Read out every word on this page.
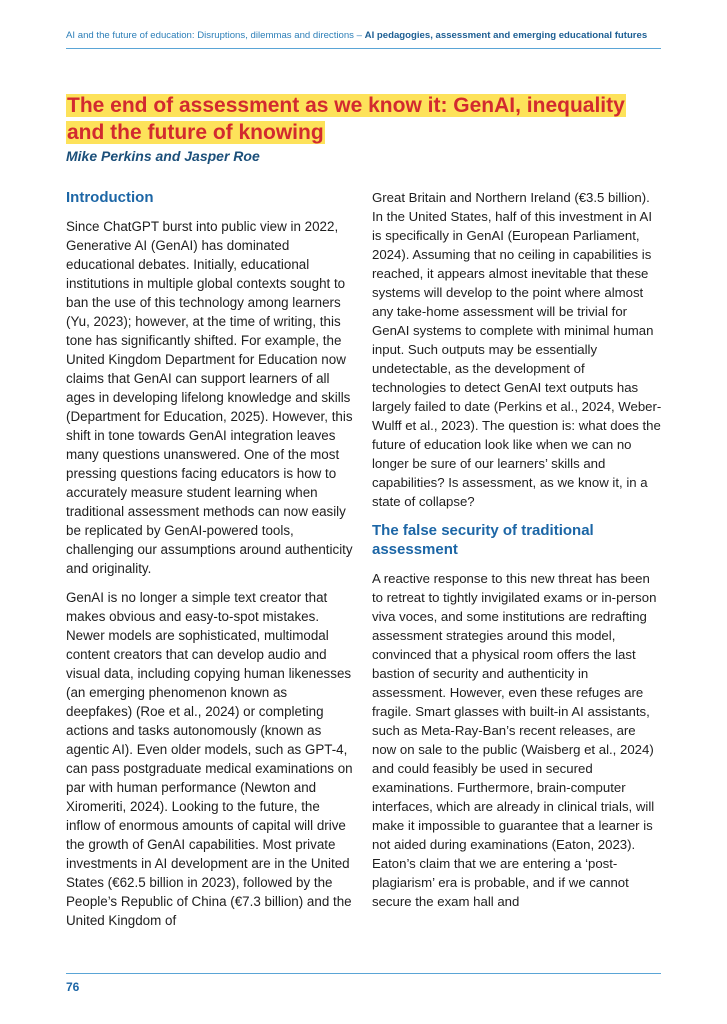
AI and the future of education: Disruptions, dilemmas and directions – AI pedagogies, assessment and emerging educational futures
The end of assessment as we know it: GenAI, inequality and the future of knowing
Mike Perkins and Jasper Roe
Introduction

Since ChatGPT burst into public view in 2022, Generative AI (GenAI) has dominated educational debates. Initially, educational institutions in multiple global contexts sought to ban the use of this technology among learners (Yu, 2023); however, at the time of writing, this tone has significantly shifted. For example, the United Kingdom Department for Education now claims that GenAI can support learners of all ages in developing lifelong knowledge and skills (Department for Education, 2025). However, this shift in tone towards GenAI integration leaves many questions unanswered. One of the most pressing questions facing educators is how to accurately measure student learning when traditional assessment methods can now easily be replicated by GenAI-powered tools, challenging our assumptions around authenticity and originality.

GenAI is no longer a simple text creator that makes obvious and easy-to-spot mistakes. Newer models are sophisticated, multimodal content creators that can develop audio and visual data, including copying human likenesses (an emerging phenomenon known as deepfakes) (Roe et al., 2024) or completing actions and tasks autonomously (known as agentic AI). Even older models, such as GPT-4, can pass postgraduate medical examinations on par with human performance (Newton and Xiromeriti, 2024). Looking to the future, the inflow of enormous amounts of capital will drive the growth of GenAI capabilities. Most private investments in AI development are in the United States (€62.5 billion in 2023), followed by the People’s Republic of China (€7.3 billion) and the United Kingdom of

Great Britain and Northern Ireland (€3.5 billion). In the United States, half of this investment in AI is specifically in GenAI (European Parliament, 2024). Assuming that no ceiling in capabilities is reached, it appears almost inevitable that these systems will develop to the point where almost any take-home assessment will be trivial for GenAI systems to complete with minimal human input. Such outputs may be essentially undetectable, as the development of technologies to detect GenAI text outputs has largely failed to date (Perkins et al., 2024, Weber-Wulff et al., 2023). The question is: what does the future of education look like when we can no longer be sure of our learners’ skills and capabilities? Is assessment, as we know it, in a state of collapse?

The false security of traditional assessment

A reactive response to this new threat has been to retreat to tightly invigilated exams or in-person viva voces, and some institutions are redrafting assessment strategies around this model, convinced that a physical room offers the last bastion of security and authenticity in assessment. However, even these refuges are fragile. Smart glasses with built-in AI assistants, such as Meta-Ray-Ban’s recent releases, are now on sale to the public (Waisberg et al., 2024) and could feasibly be used in secured examinations. Furthermore, brain-computer interfaces, which are already in clinical trials, will make it impossible to guarantee that a learner is not aided during examinations (Eaton, 2023). Eaton’s claim that we are entering a ‘post-plagiarism’ era is probable, and if we cannot secure the exam hall and

76
